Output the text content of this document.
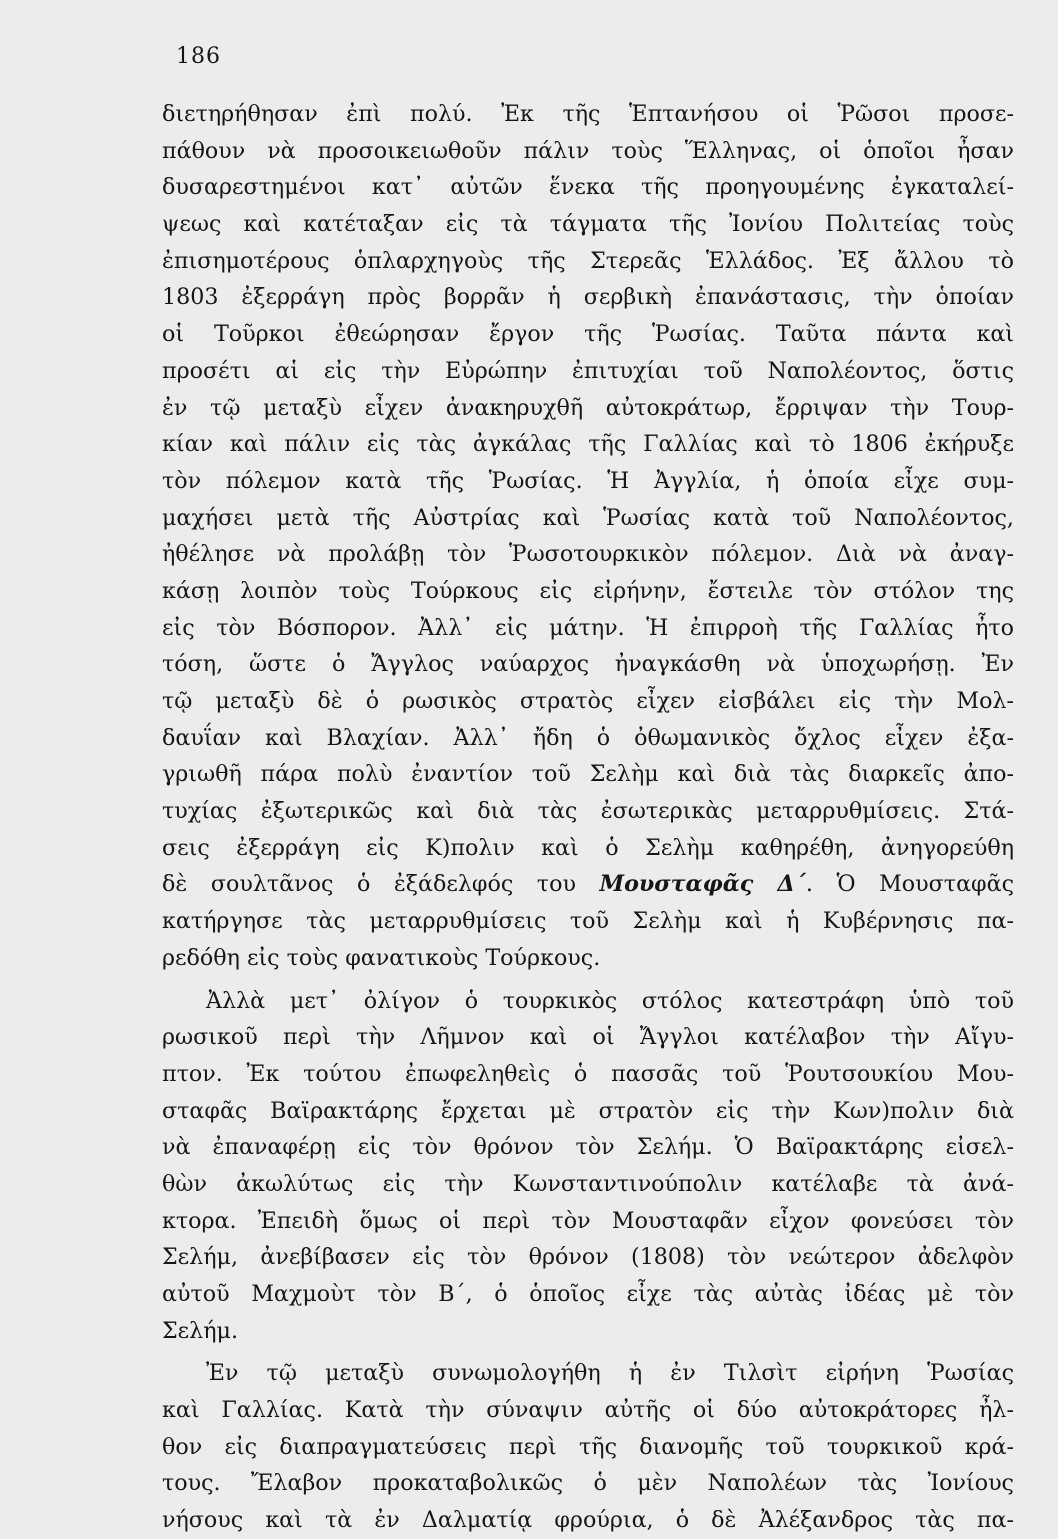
186
διετηρήθησαν ἐπὶ πολύ. Ἐκ τῆς Ἑπτανήσου οἱ Ῥῶσοι προσε-
πάθουν νὰ προσοικειωθοῦν πάλιν τοὺς Ἕλληνας, οἱ ὁποῖοι ἦσαν
δυσαρεστημένοι κατ᾽ αὐτῶν ἕνεκα τῆς προηγουμένης ἐγκαταλεί-
ψεως καὶ κατέταξαν εἰς τὰ τάγματα τῆς Ἰονίου Πολιτείας τοὺς
ἐπισημοτέρους ὁπλαρχηγοὺς τῆς Στερεᾶς Ἑλλάδος. Ἐξ ἄλλου τὸ
1803 ἐξερράγη πρὸς βορρᾶν ἡ σερβικὴ ἐπανάστασις, τὴν ὁποίαν
οἱ Τοῦρκοι ἐθεώρησαν ἔργον τῆς Ῥωσίας. Ταῦτα πάντα καὶ
προσέτι αἱ εἰς τὴν Εὐρώπην ἐπιτυχίαι τοῦ Ναπολέοντος, ὅστις
ἐν τῷ μεταξὺ εἶχεν ἀνακηρυχθῆ αὐτοκράτωρ, ἔρριψαν τὴν Τουρ-
κίαν καὶ πάλιν εἰς τὰς ἀγκάλας τῆς Γαλλίας καὶ τὸ 1806 ἐκήρυξε
τὸν πόλεμον κατὰ τῆς Ῥωσίας. Ἡ Ἀγγλία, ἡ ὁποία εἶχε συμ-
μαχήσει μετὰ τῆς Αὐστρίας καὶ Ῥωσίας κατὰ τοῦ Ναπολέοντος,
ἠθέλησε νὰ προλάβῃ τὸν Ῥωσοτουρκικὸν πόλεμον. Διὰ νὰ ἀναγ-
κάσῃ λοιπὸν τοὺς Τούρκους εἰς εἰρήνην, ἔστειλε τὸν στόλον της
εἰς τὸν Βόσπορον. Ἀλλ᾽ εἰς μάτην. Ἡ ἐπιρροὴ τῆς Γαλλίας ἦτο
τόση, ὥστε ὁ Ἄγγλος ναύαρχος ἠναγκάσθη νὰ ὑποχωρήσῃ. Ἐν
τῷ μεταξὺ δὲ ὁ ρωσικὸς στρατὸς εἶχεν εἰσβάλει εἰς τὴν Μολ-
δαυΐαν καὶ Βλαχίαν. Ἀλλ᾽ ἤδη ὁ ὀθωμανικὸς ὄχλος εἶχεν ἐξα-
γριωθῆ πάρα πολὺ ἐναντίον τοῦ Σελὴμ καὶ διὰ τὰς διαρκεῖς ἀπο-
τυχίας ἐξωτερικῶς καὶ διὰ τὰς ἐσωτερικὰς μεταρρυθμίσεις. Στά-
σεις ἐξερράγη εἰς Κ)πολιν καὶ ὁ Σελὴμ καθηρέθη, ἀνηγορεύθη
δὲ σουλτᾶνος ὁ ἐξάδελφός του Μουσταφᾶς Δ΄. Ὁ Μουσταφᾶς
κατήργησε τὰς μεταρρυθμίσεις τοῦ Σελὴμ καὶ ἡ Κυβέρνησις πα-
ρεδόθη εἰς τοὺς φανατικοὺς Τούρκους.
Ἀλλὰ μετ᾽ ὀλίγον ὁ τουρκικὸς στόλος κατεστράφη ὑπὸ τοῦ
ρωσικοῦ περὶ τὴν Λῆμνον καὶ οἱ Ἄγγλοι κατέλαβον τὴν Αἴγυ-
πτον. Ἐκ τούτου ἐπωφεληθεὶς ὁ πασσᾶς τοῦ Ῥουτσουκίου Μου-
σταφᾶς Βαϊρακτάρης ἔρχεται μὲ στρατὸν εἰς τὴν Κων)πολιν διὰ
νὰ ἐπαναφέρῃ εἰς τὸν θρόνον τὸν Σελήμ. Ὁ Βαϊρακτάρης εἰσελ-
θὼν ἀκωλύτως εἰς τὴν Κωνσταντινούπολιν κατέλαβε τὰ ἀνά-
κτορα. Ἐπειδὴ ὅμως οἱ περὶ τὸν Μουσταφᾶν εἶχον φονεύσει τὸν
Σελήμ, ἀνεβίβασεν εἰς τὸν θρόνον (1808) τὸν νεώτερον ἀδελφὸν
αὐτοῦ Μαχμοὺτ τὸν Β΄, ὁ ὁποῖος εἶχε τὰς αὐτὰς ἰδέας μὲ τὸν
Σελήμ.
Ἐν τῷ μεταξὺ συνωμολογήθη ἡ ἐν Τιλσὶτ εἰρήνη Ῥωσίας
καὶ Γαλλίας. Κατὰ τὴν σύναψιν αὐτῆς οἱ δύο αὐτοκράτορες ἦλ-
θον εἰς διαπραγματεύσεις περὶ τῆς διανομῆς τοῦ τουρκικοῦ κρά-
τους. Ἔλαβον προκαταβολικῶς ὁ μὲν Ναπολέων τὰς Ἰονίους
νήσους καὶ τὰ ἐν Δαλματίᾳ φρούρια, ὁ δὲ Ἀλέξανδρος τὰς πα-
